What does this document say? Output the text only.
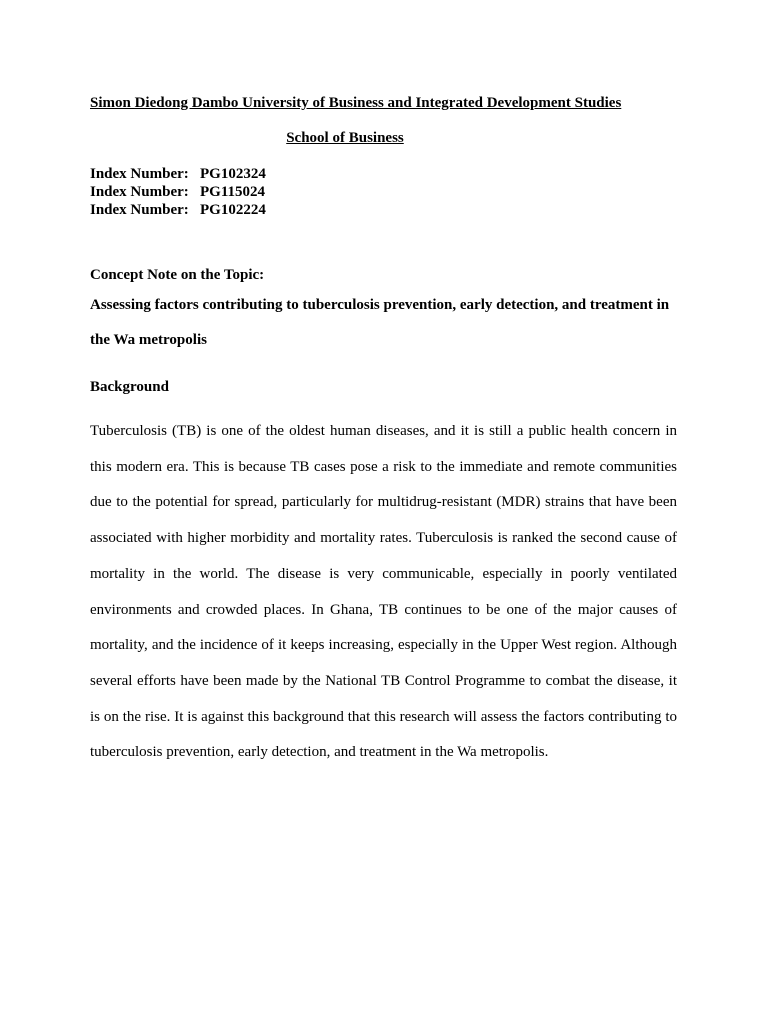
Simon Diedong Dambo University of Business and Integrated Development Studies
School of Business
Index Number: PG102324
Index Number: PG115024
Index Number: PG102224
Concept Note on the Topic:
Assessing factors contributing to tuberculosis prevention, early detection, and treatment in
the Wa metropolis
Background

Tuberculosis (TB) is one of the oldest human diseases, and it is still a public health concern in this modern era. This is because TB cases pose a risk to the immediate and remote communities due to the potential for spread, particularly for multidrug-resistant (MDR) strains that have been associated with higher morbidity and mortality rates. Tuberculosis is ranked the second cause of mortality in the world. The disease is very communicable, especially in poorly ventilated environments and crowded places. In Ghana, TB continues to be one of the major causes of mortality, and the incidence of it keeps increasing, especially in the Upper West region. Although several efforts have been made by the National TB Control Programme to combat the disease, it is on the rise. It is against this background that this research will assess the factors contributing to tuberculosis prevention, early detection, and treatment in the Wa metropolis.
